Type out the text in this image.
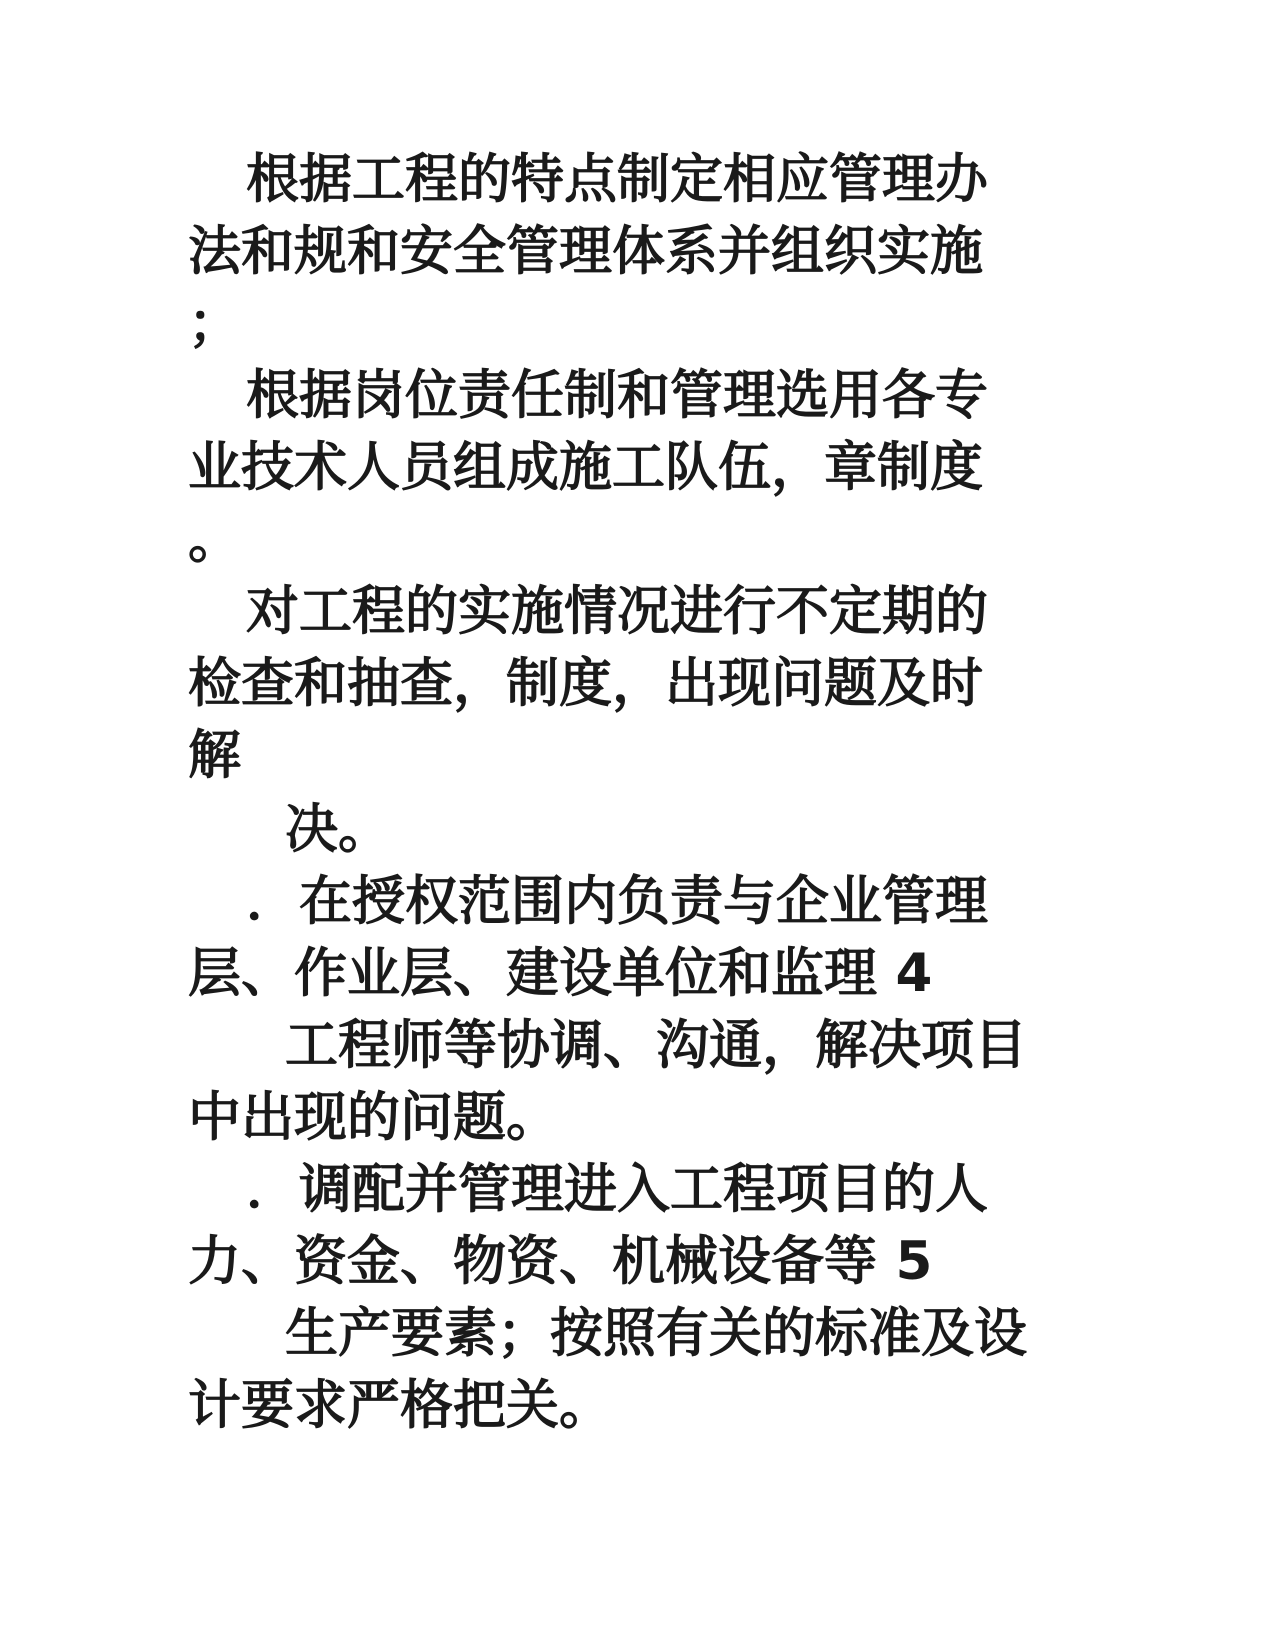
根据工程的特点制定相应管理办

法和规和安全管理体系并组织实施

；

根据岗位责任制和管理选用各专

业技术人员组成施工队伍，章制度

。

对工程的实施情况进行不定期的

检查和抽查，制度，出现问题及时

解

决。

．在授权范围内负责与企业管理

层、作业层、建设单位和监理 4

工程师等协调、沟通，解决项目

中出现的问题。

．调配并管理进入工程项目的人

力、资金、物资、机械设备等 5

生产要素；按照有关的标准及设

计要求严格把关。
